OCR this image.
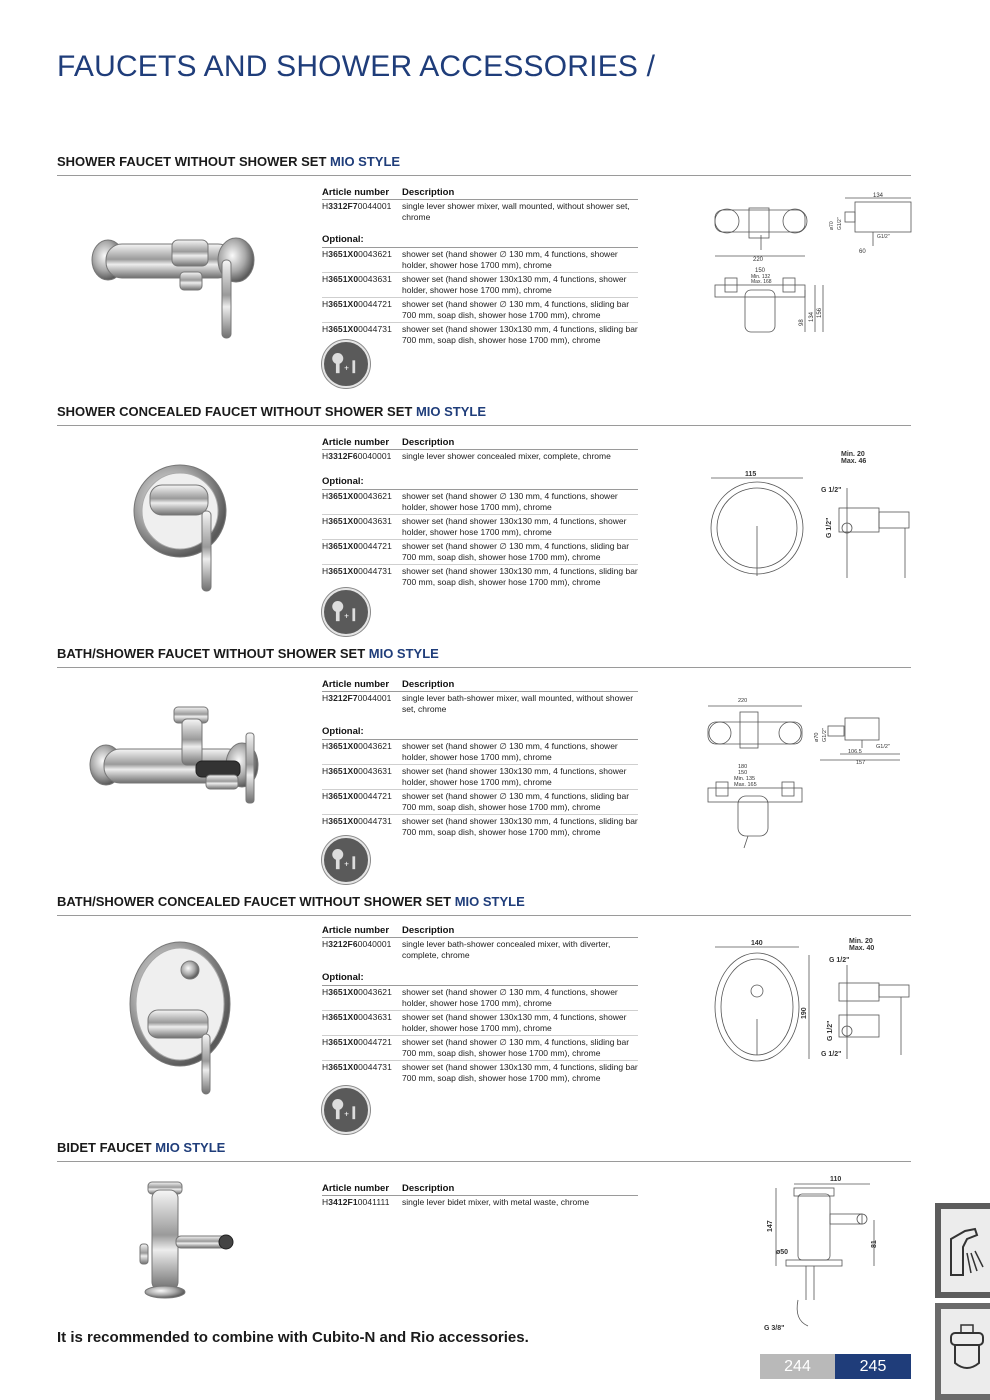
FAUCETS AND SHOWER ACCESSORIES /
SHOWER FAUCET WITHOUT SHOWER SET MIO STYLE
Article number	Description
H3312F70044001	single lever shower mixer, wall mounted, without shower set, chrome
Optional:
H3651X00043621	shower set (hand shower ∅ 130 mm, 4 functions, shower holder, shower hose 1700 mm), chrome
H3651X00043631	shower set (hand shower 130x130 mm, 4 functions, shower holder, shower hose 1700 mm), chrome
H3651X00044721	shower set (hand shower ∅ 130 mm, 4 functions, sliding bar 700 mm, soap dish, shower hose 1700 mm), chrome
H3651X00044731	shower set (hand shower 130x130 mm, 4 functions, sliding bar 700 mm, soap dish, shower hose 1700 mm), chrome
+
134
220
150
Min. 132
Max. 168
60
G1/2"
98
134 156
ø70 G1/2"
SHOWER CONCEALED FAUCET WITHOUT SHOWER SET MIO STYLE
Article number	Description
H3312F60040001	single lever shower concealed mixer, complete, chrome
Optional:
H3651X00043621	shower set (hand shower ∅ 130 mm, 4 functions, shower holder, shower hose 1700 mm), chrome
H3651X00043631	shower set (hand shower 130x130 mm, 4 functions, shower holder, shower hose 1700 mm), chrome
H3651X00044721	shower set (hand shower ∅ 130 mm, 4 functions, sliding bar 700 mm, soap dish, shower hose 1700 mm), chrome
H3651X00044731	shower set (hand shower 130x130 mm, 4 functions, sliding bar 700 mm, soap dish, shower hose 1700 mm), chrome
+
115
Min. 20
Max. 46
G 1/2"
G 1/2"
BATH/SHOWER FAUCET WITHOUT SHOWER SET MIO STYLE
Article number	Description
H3212F70044001	single lever bath-shower mixer, wall mounted, without shower set, chrome
Optional:
H3651X00043621	shower set (hand shower ∅ 130 mm, 4 functions, shower holder, shower hose 1700 mm), chrome
H3651X00043631	shower set (hand shower 130x130 mm, 4 functions, shower holder, shower hose 1700 mm), chrome
H3651X00044721	shower set (hand shower ∅ 130 mm, 4 functions, sliding bar 700 mm, soap dish, shower hose 1700 mm), chrome
H3651X00044731	shower set (hand shower 130x130 mm, 4 functions, sliding bar 700 mm, soap dish, shower hose 1700 mm), chrome
+
220
180
150
Min. 135
Max. 165
106.5
157
ø70 G1/2"
G1/2"
BATH/SHOWER CONCEALED FAUCET WITHOUT SHOWER SET MIO STYLE
Article number	Description
H3212F60040001	single lever bath-shower concealed mixer, with diverter, complete, chrome
Optional:
H3651X00043621	shower set (hand shower ∅ 130 mm, 4 functions, shower holder, shower hose 1700 mm), chrome
H3651X00043631	shower set (hand shower 130x130 mm, 4 functions, shower holder, shower hose 1700 mm), chrome
H3651X00044721	shower set (hand shower ∅ 130 mm, 4 functions, sliding bar 700 mm, soap dish, shower hose 1700 mm), chrome
H3651X00044731	shower set (hand shower 130x130 mm, 4 functions, sliding bar 700 mm, soap dish, shower hose 1700 mm), chrome
+
140	Min. 20
Max. 40
G 1/2"
190
G 1/2"
G 1/2"
BIDET FAUCET MIO STYLE
Article number	Description
H3412F10041111	single lever bidet mixer, with metal waste, chrome
110
147
ø50
81
G 3/8"
It is recommended to combine with Cubito-N and Rio accessories.
244	245
